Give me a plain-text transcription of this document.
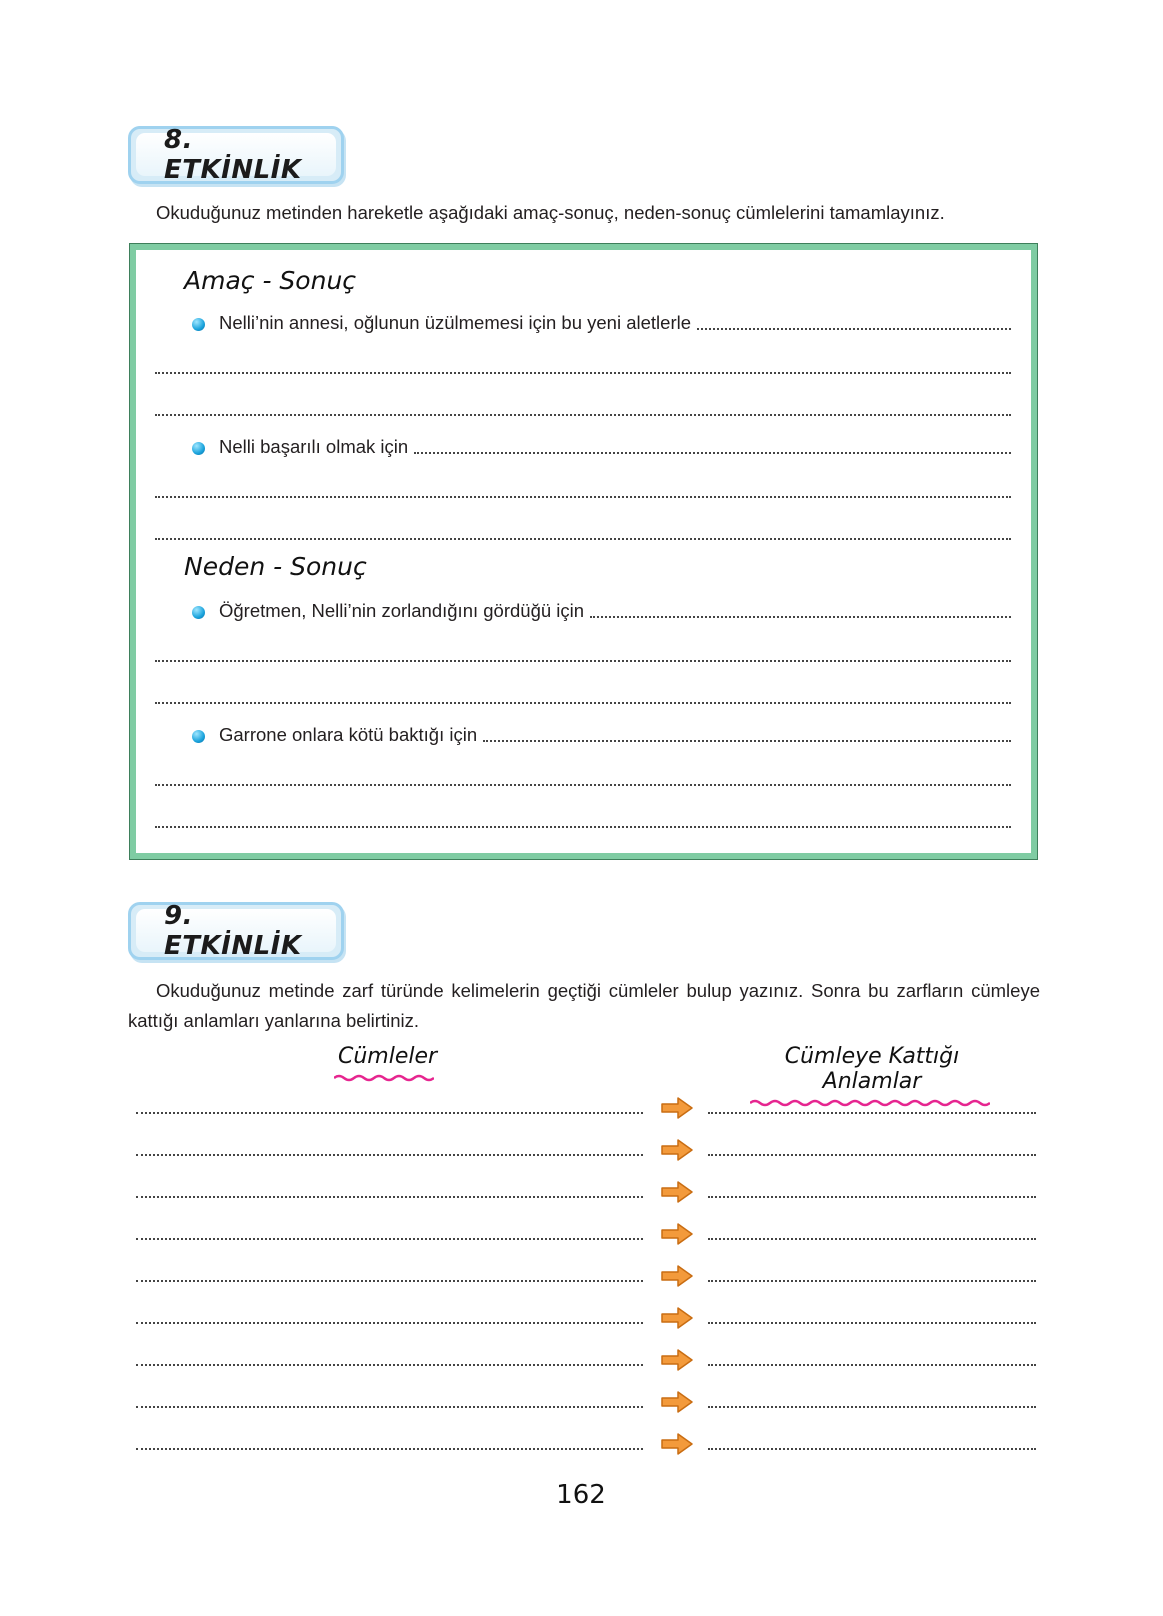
8. ETKİNLİK
Okuduğunuz metinden hareketle aşağıdaki amaç-sonuç, neden-sonuç cümlelerini tamamlayınız.
Amaç - Sonuç
Nelli’nin annesi, oğlunun üzülmemesi için bu yeni aletlerle
Nelli başarılı olmak için
Neden - Sonuç
Öğretmen, Nelli’nin zorlandığını gördüğü için
Garrone onlara kötü baktığı için
9. ETKİNLİK
Okuduğunuz metinde zarf türünde kelimelerin geçtiği cümleler bulup yazınız. Sonra bu zarfların cümleye kattığı anlamları yanlarına belirtiniz.
Cümleler	Cümleye Kattığı Anlamlar
162
